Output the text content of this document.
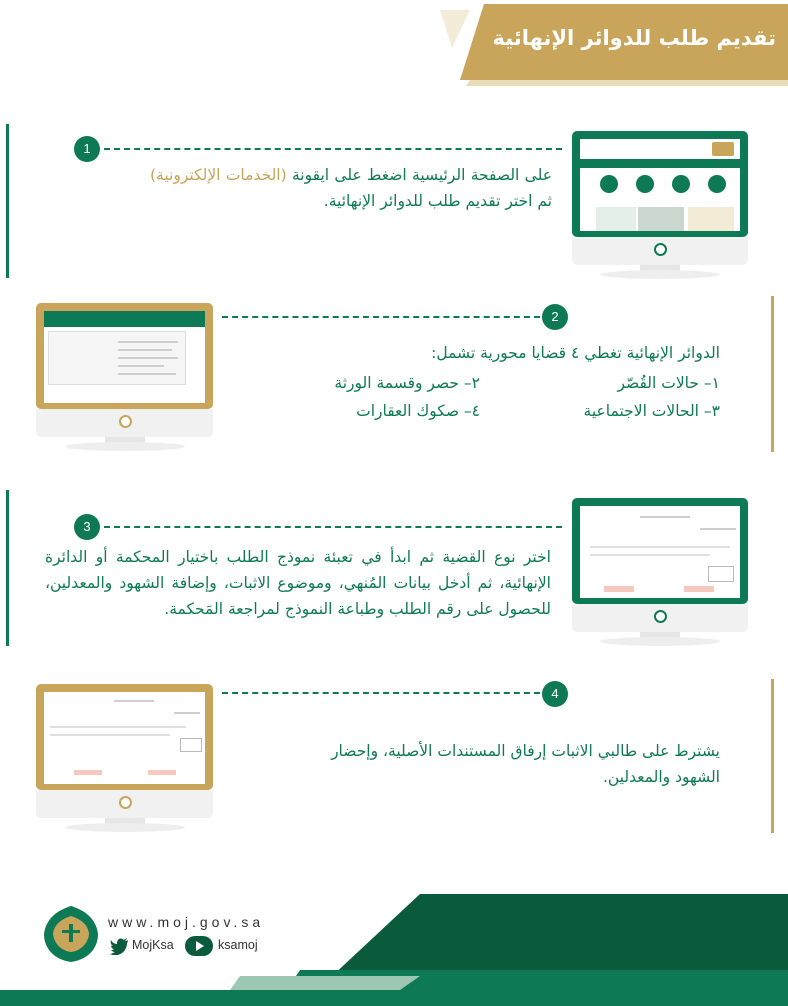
تقديم طلب للدوائر الإنهائية
1
على الصفحة الرئيسية اضغط على ايقونة (الخدمات الإلكترونية) ثم اختر تقديم طلب للدوائر الإنهائية.
2
الدوائر الإنهائية تغطي ٤ قضايا محورية تشمل:
١– حالات القُصّر
٢– حصر وقسمة الورثة
٣– الحالات الاجتماعية
٤– صكوك العقارات
3
اختر نوع القضية ثم ابدأ في تعبئة نموذج الطلب باختيار المحكمة أو الدائرة الإنهائية، ثم أدخل بيانات المُنهي، وموضوع الاثبات، وإضافة الشهود والمعدلين، للحصول على رقم الطلب وطباعة النموذج لمراجعة المَحكمة.
4
يشترط على طالبي الاثبات إرفاق المستندات الأصلية، وإحضار الشهود والمعدلين.
www.moj.gov.sa
MojKsa	ksamoj
